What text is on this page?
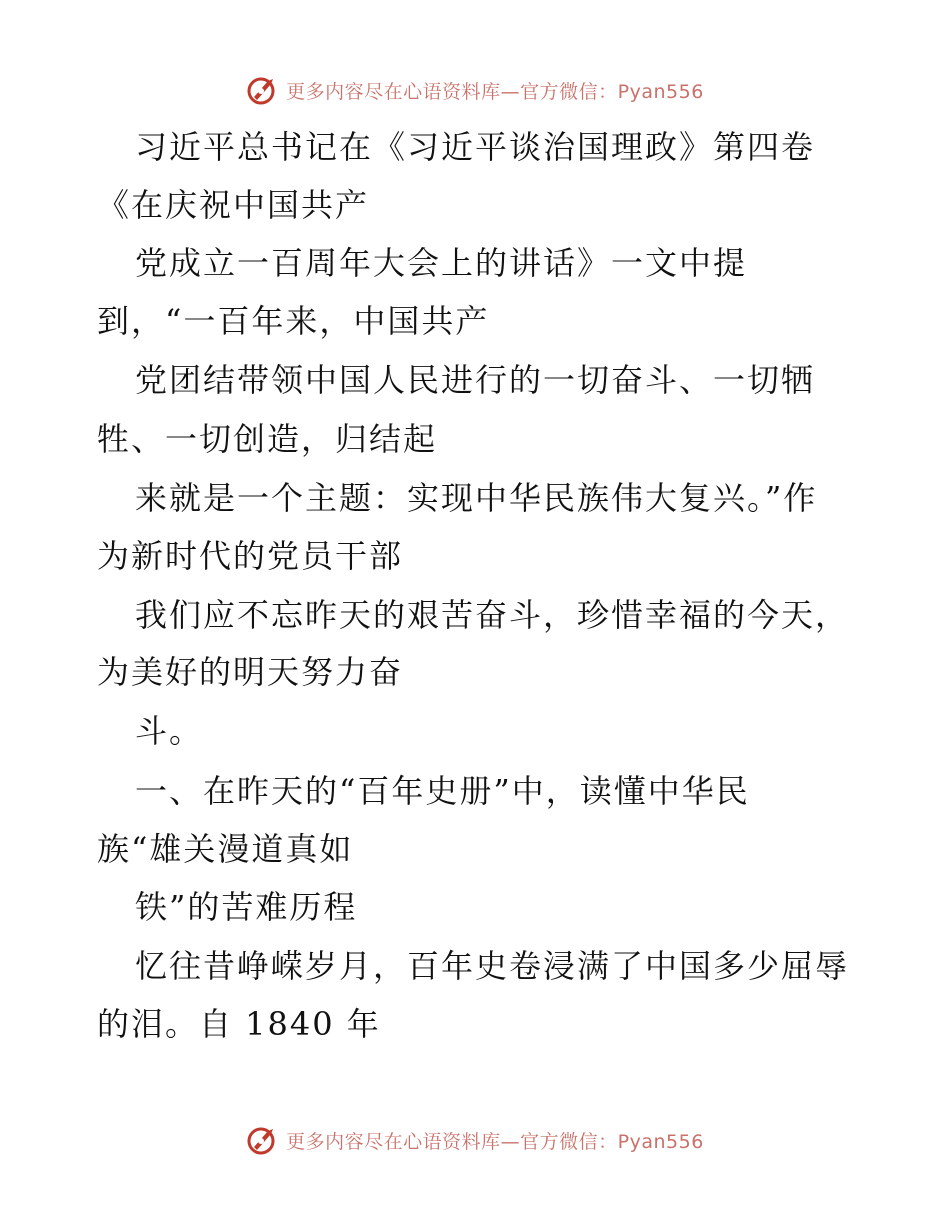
更多内容尽在心语资料库—官方微信：Pyan556
习近平总书记在《习近平谈治国理政》第四卷
《在庆祝中国共产
党成立一百周年大会上的讲话》一文中提
到，“一百年来，中国共产
党团结带领中国人民进行的一切奋斗、一切牺
牲、一切创造，归结起
来就是一个主题：实现中华民族伟大复兴。”作
为新时代的党员干部
我们应不忘昨天的艰苦奋斗，珍惜幸福的今天，
为美好的明天努力奋
斗。
一、在昨天的“百年史册”中，读懂中华民
族“雄关漫道真如
铁”的苦难历程
忆往昔峥嵘岁月，百年史卷浸满了中国多少屈辱
的泪。自 1840 年
更多内容尽在心语资料库—官方微信：Pyan556
